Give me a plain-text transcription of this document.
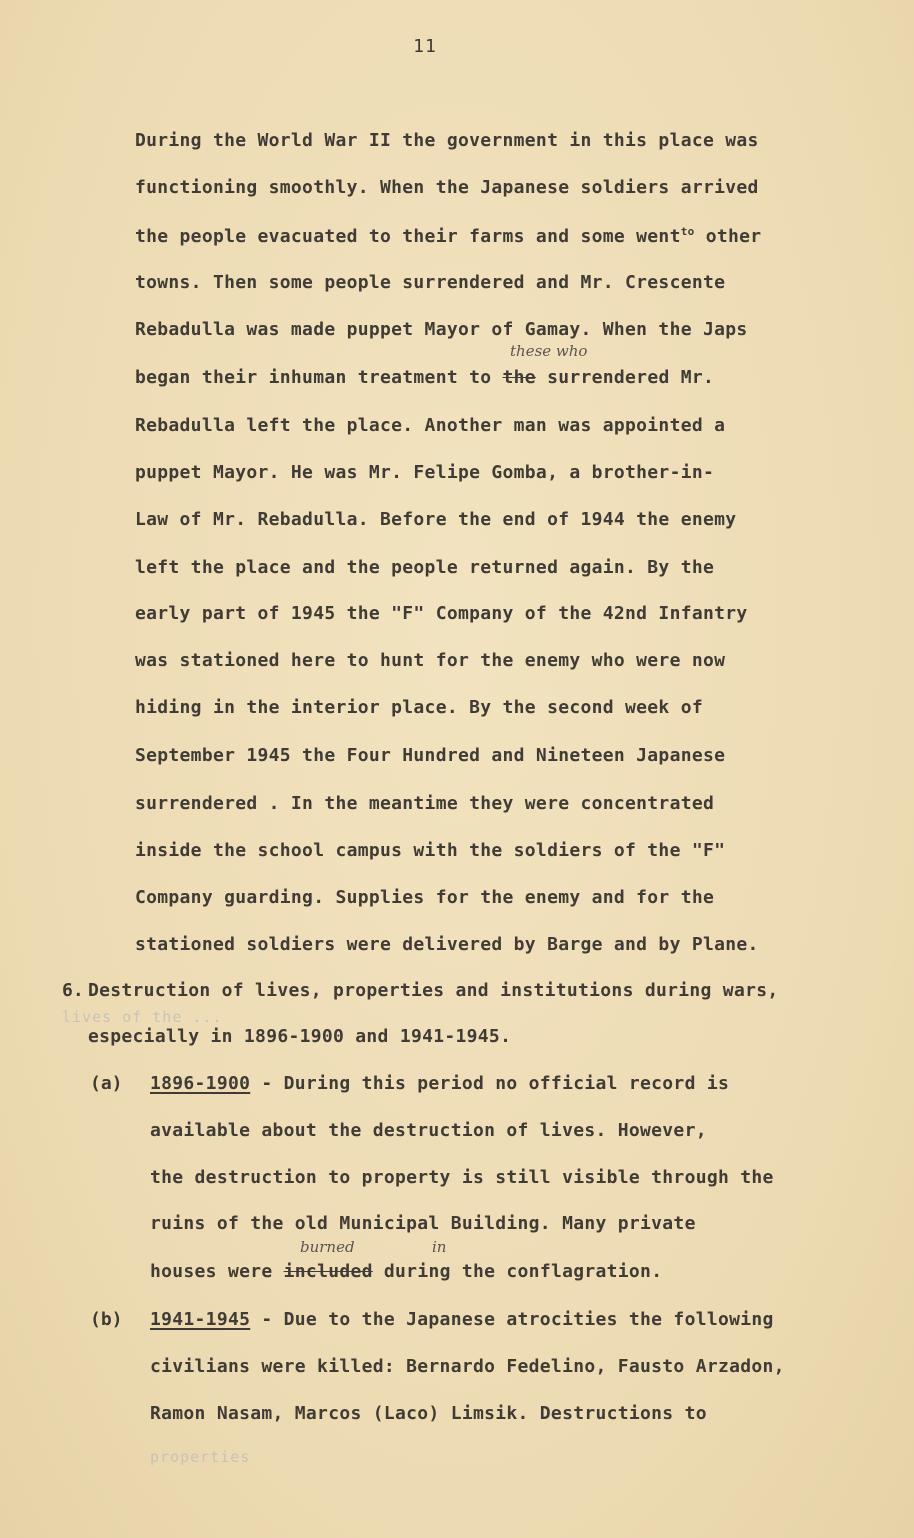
11
During the World War II the government in this place was
functioning smoothly. When the Japanese soldiers arrived
the people evacuated to their farms and some went$^{to}$ other
towns. Then some people surrendered and Mr. Crescente
Rebadulla was made puppet Mayor of Gamay. When the Japs
these who
began their inhuman treatment to the surrendered Mr.
Rebadulla left the place. Another man was appointed a
puppet Mayor. He was Mr. Felipe Gomba, a brother-in-
Law of Mr. Rebadulla. Before the end of 1944 the enemy
left the place and the people returned again. By the
early part of 1945 the "F" Company of the 42nd Infantry
was stationed here to hunt for the enemy who were now
hiding in the interior place. By the second week of
September 1945 the Four Hundred and Nineteen Japanese
surrendered . In the meantime they were concentrated
inside the school campus with the soldiers of the "F"
Company guarding. Supplies for the enemy and for the
stationed soldiers were delivered by Barge and by Plane.
6. Destruction of lives, properties and institutions during wars,
lives of the ...
especially in 1896-1900 and 1941-1945.
(a) 1896-1900 - During this period no official record is
available about the destruction of lives. However,
the destruction to property is still visible through the
ruins of the old Municipal Building. Many private
burned	in
houses were included during the conflagration.
(b) 1941-1945 - Due to the Japanese atrocities the following
civilians were killed: Bernardo Fedelino, Fausto Arzadon,
Ramon Nasam, Marcos (Laco) Limsik. Destructions to
properties
